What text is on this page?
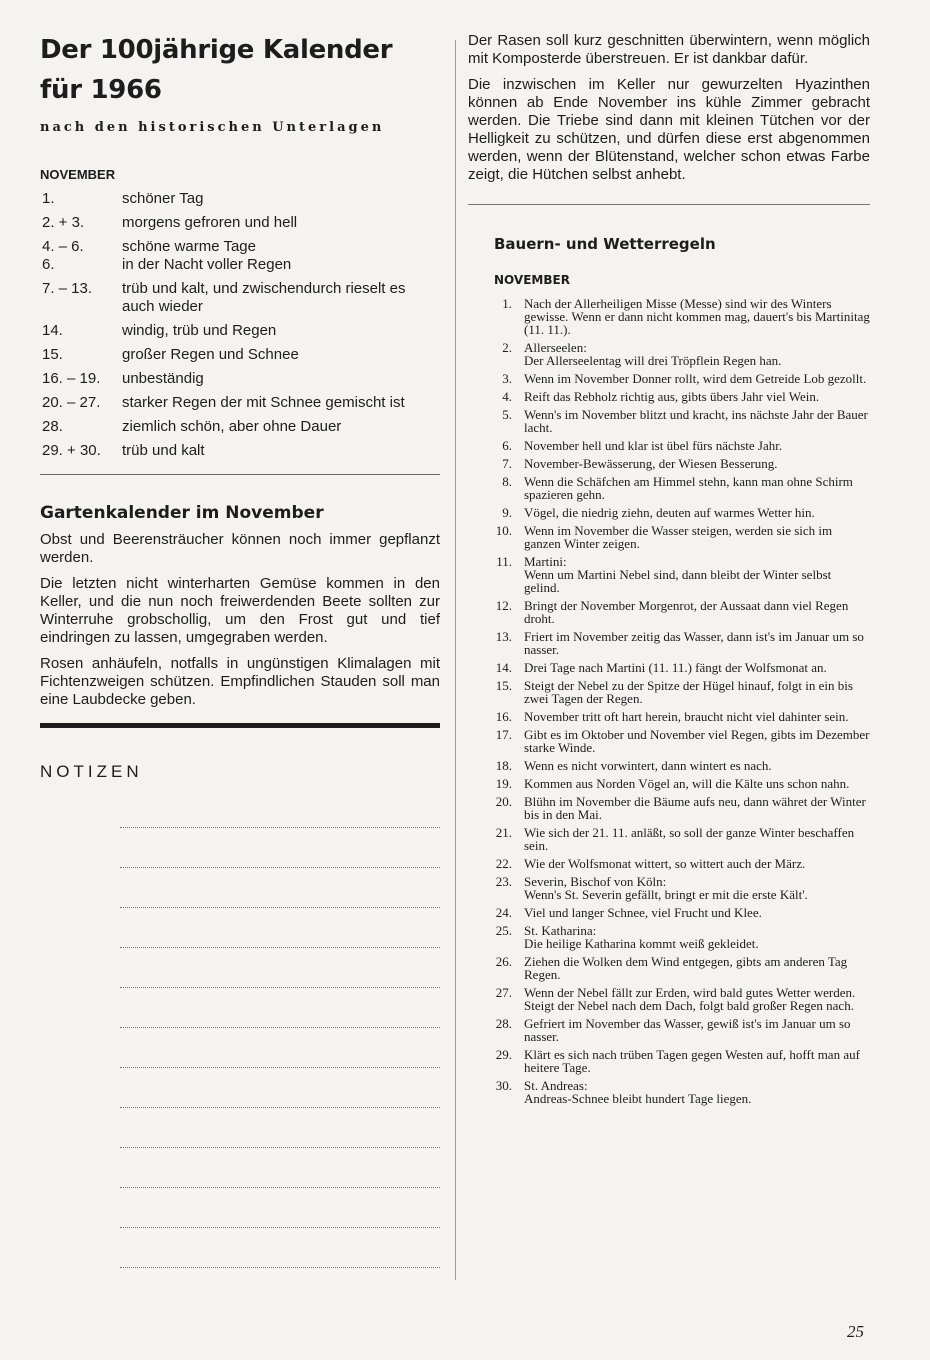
Der 100jährige Kalender für 1966
nach den historischen Unterlagen
NOVEMBER
1.	schöner Tag
2. + 3.	morgens gefroren und hell
4. – 6.	schöne warme Tage
6.	in der Nacht voller Regen
7. – 13.	trüb und kalt, und zwischendurch rieselt es auch wieder
14.	windig, trüb und Regen
15.	großer Regen und Schnee
16. – 19.	unbeständig
20. – 27.	starker Regen der mit Schnee gemischt ist
28.	ziemlich schön, aber ohne Dauer
29. + 30.	trüb und kalt
Gartenkalender im November
Obst und Beerensträucher können noch immer gepflanzt werden.
Die letzten nicht winterharten Gemüse kommen in den Keller, und die nun noch freiwerdenden Beete sollten zur Winterruhe grobschollig, um den Frost gut und tief eindringen zu lassen, umgegraben werden.
Rosen anhäufeln, notfalls in ungünstigen Klimalagen mit Fichtenzweigen schützen. Empfindlichen Stauden soll man eine Laubdecke geben.
NOTIZEN
Der Rasen soll kurz geschnitten überwintern, wenn möglich mit Komposterde überstreuen. Er ist dankbar dafür.
Die inzwischen im Keller nur gewurzelten Hyazinthen können ab Ende November ins kühle Zimmer gebracht werden. Die Triebe sind dann mit kleinen Tütchen vor der Helligkeit zu schützen, und dürfen diese erst abgenommen werden, wenn der Blütenstand, welcher schon etwas Farbe zeigt, die Hütchen selbst anhebt.
Bauern- und Wetterregeln
NOVEMBER
1. Nach der Allerheiligen Misse (Messe) sind wir des Winters gewisse. Wenn er dann nicht kommen mag, dauert's bis Martinitag (11. 11.).
2. Allerseelen:
Der Allerseelentag will drei Tröpflein Regen han.
3. Wenn im November Donner rollt, wird dem Getreide Lob gezollt.
4. Reift das Rebholz richtig aus, gibts übers Jahr viel Wein.
5. Wenn's im November blitzt und kracht, ins nächste Jahr der Bauer lacht.
6. November hell und klar ist übel fürs nächste Jahr.
7. November-Bewässerung, der Wiesen Besserung.
8. Wenn die Schäfchen am Himmel stehn, kann man ohne Schirm spazieren gehn.
9. Vögel, die niedrig ziehn, deuten auf warmes Wetter hin.
10. Wenn im November die Wasser steigen, werden sie sich im ganzen Winter zeigen.
11. Martini:
Wenn um Martini Nebel sind, dann bleibt der Winter selbst gelind.
12. Bringt der November Morgenrot, der Aussaat dann viel Regen droht.
13. Friert im November zeitig das Wasser, dann ist's im Januar um so nasser.
14. Drei Tage nach Martini (11. 11.) fängt der Wolfsmonat an.
15. Steigt der Nebel zu der Spitze der Hügel hinauf, folgt in ein bis zwei Tagen der Regen.
16. November tritt oft hart herein, braucht nicht viel dahinter sein.
17. Gibt es im Oktober und November viel Regen, gibts im Dezember starke Winde.
18. Wenn es nicht vorwintert, dann wintert es nach.
19. Kommen aus Norden Vögel an, will die Kälte uns schon nahn.
20. Blühn im November die Bäume aufs neu, dann währet der Winter bis in den Mai.
21. Wie sich der 21. 11. anläßt, so soll der ganze Winter beschaffen sein.
22. Wie der Wolfsmonat wittert, so wittert auch der März.
23. Severin, Bischof von Köln:
Wenn's St. Severin gefällt, bringt er mit die erste Kält'.
24. Viel und langer Schnee, viel Frucht und Klee.
25. St. Katharina:
Die heilige Katharina kommt weiß gekleidet.
26. Ziehen die Wolken dem Wind entgegen, gibts am anderen Tag Regen.
27. Wenn der Nebel fällt zur Erden, wird bald gutes Wetter werden. Steigt der Nebel nach dem Dach, folgt bald großer Regen nach.
28. Gefriert im November das Wasser, gewiß ist's im Januar um so nasser.
29. Klärt es sich nach trüben Tagen gegen Westen auf, hofft man auf heitere Tage.
30. St. Andreas:
Andreas-Schnee bleibt hundert Tage liegen.
25
